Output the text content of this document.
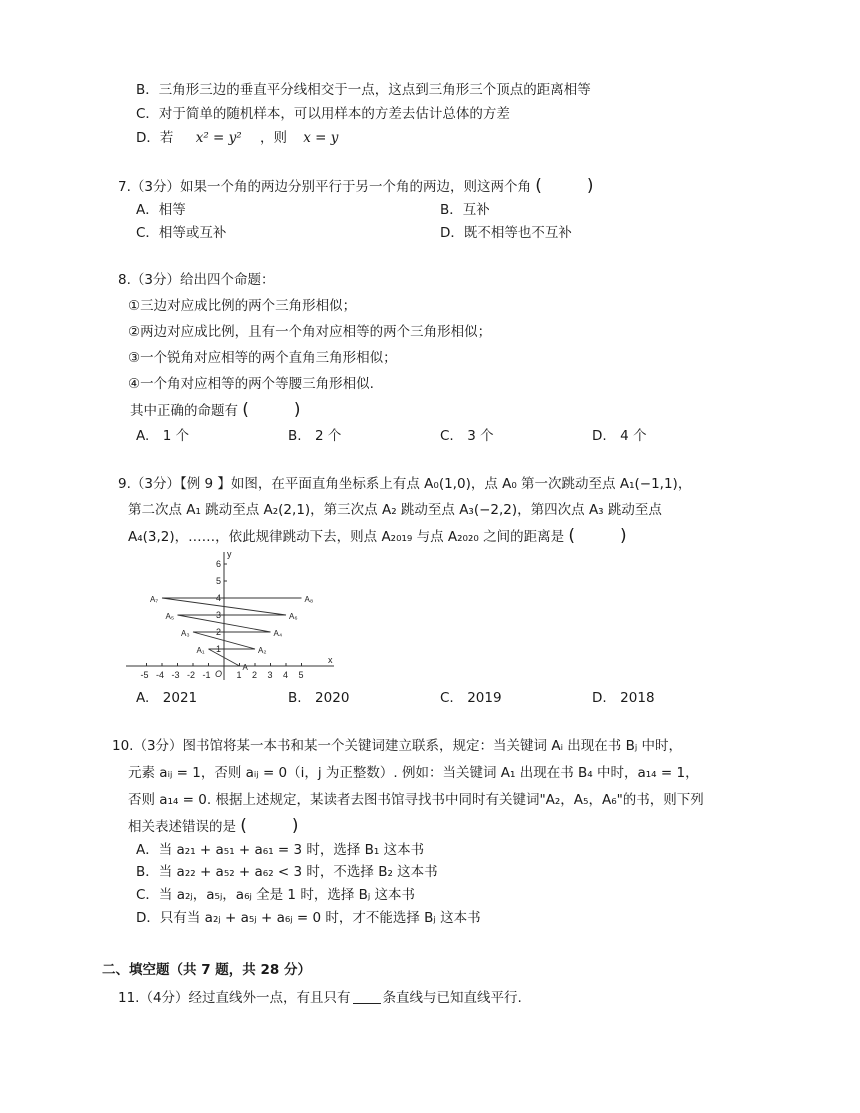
B．三角形三边的垂直平分线相交于一点，这点到三角形三个顶点的距离相等
C．对于简单的随机样本，可以用样本的方差去估计总体的方差
D．若 x² = y² ，则 x = y
7.（3分）如果一个角的两边分别平行于另一个角的两边，则这两个角 (　)
A．相等	B．互补
C．相等或互补	D．既不相等也不互补
8.（3分）给出四个命题：
①三边对应成比例的两个三角形相似；
②两边对应成比例，且有一个角对应相等的两个三角形相似；
③一个锐角对应相等的两个直角三角形相似；
④一个角对应相等的两个等腰三角形相似.
其中正确的命题有 (　)
A.　1 个	B.　2 个	C.　3 个	D.　4 个
9.（3分）【例 9 】如图，在平面直角坐标系上有点 A₀(1,0)，点 A₀ 第一次跳动至点 A₁(−1,1)，
第二次点 A₁ 跳动至点 A₂(2,1)，第三次点 A₂ 跳动至点 A₃(−2,2)，第四次点 A₃ 跳动至点
A₄(3,2)，……，依此规律跳动下去，则点 A₂₀₁₉ 与点 A₂₀₂₀ 之间的距离是 (　)
x
y
O
-5 -4 -3 -2 -1	1 2 3 4 5
1
2
3
4
5
6
A
A₁	A₂
A₃	A₄
A₅	A₆
A₇	A₈
A.　2021	B.　2020	C.　2019	D.　2018
10.（3分）图书馆将某一本书和某一个关键词建立联系，规定：当关键词 Aᵢ 出现在书 Bⱼ 中时，
元素 aᵢⱼ = 1，否则 aᵢⱼ = 0（i，j 为正整数）. 例如：当关键词 A₁ 出现在书 B₄ 中时，a₁₄ = 1，
否则 a₁₄ = 0. 根据上述规定，某读者去图书馆寻找书中同时有关键词"A₂，A₅，A₆"的书，则下列
相关表述错误的是 (　)
A．当 a₂₁ + a₅₁ + a₆₁ = 3 时，选择 B₁ 这本书
B．当 a₂₂ + a₅₂ + a₆₂ < 3 时，不选择 B₂ 这本书
C．当 a₂ⱼ，a₅ⱼ，a₆ⱼ 全是 1 时，选择 Bⱼ 这本书
D．只有当 a₂ⱼ + a₅ⱼ + a₆ⱼ = 0 时，才不能选择 Bⱼ 这本书
二、填空题（共 7 题，共 28 分）
11.（4分）经过直线外一点，有且只有 条直线与已知直线平行.
